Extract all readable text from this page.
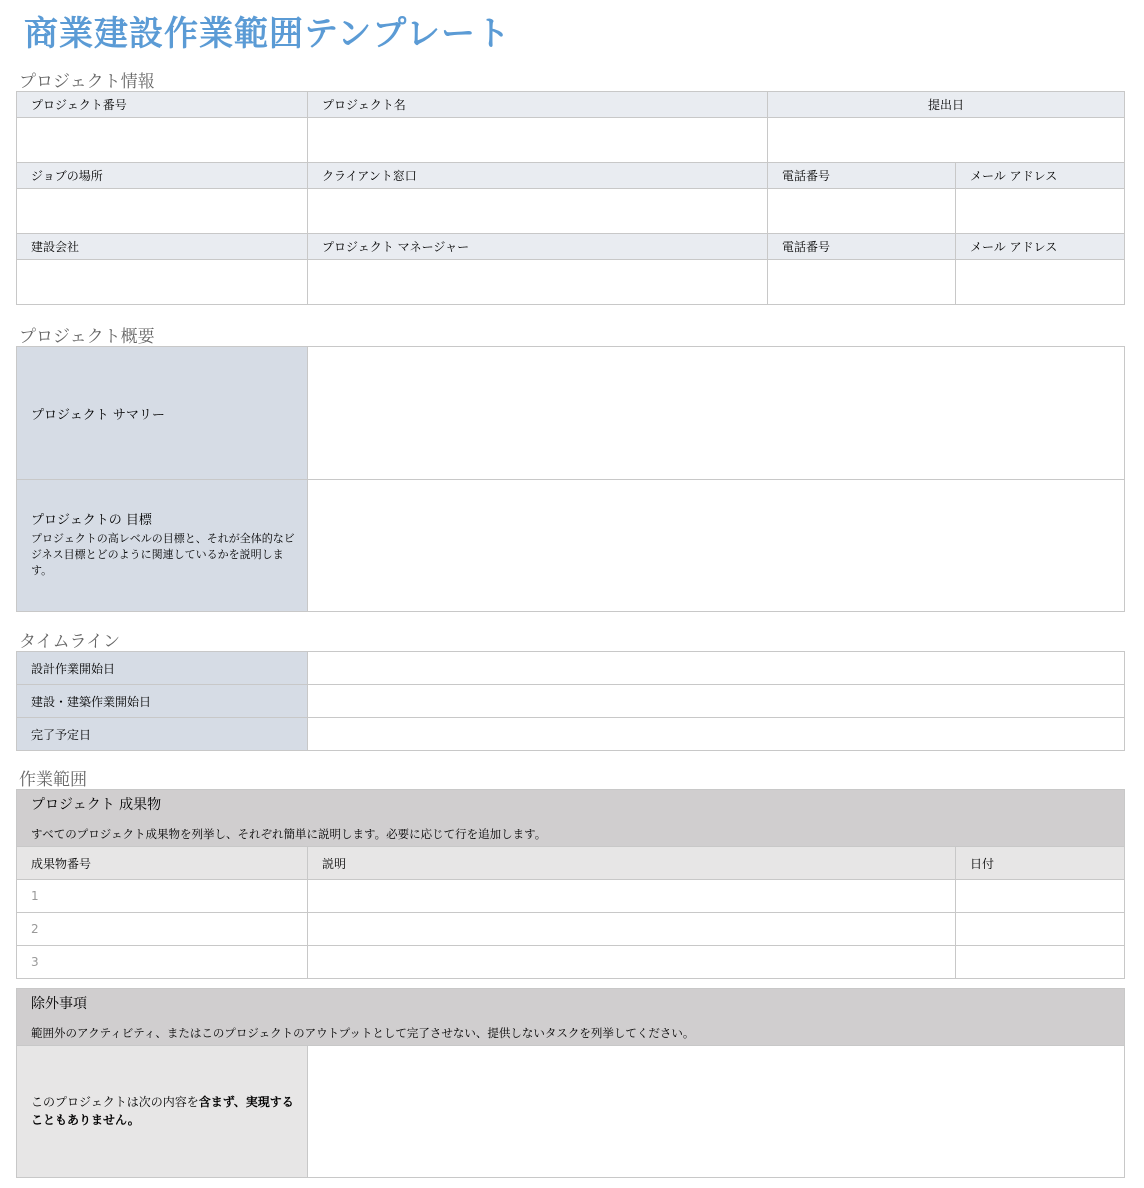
商業建設作業範囲テンプレート
プロジェクト情報
プロジェクト番号	プロジェクト名	提出日	

ジョブの場所	クライアント窓口	電話番号	メール アドレス

建設会社	プロジェクト マネージャー	電話番号	メール アドレス

プロジェクト概要
プロジェクト サマリー	

プロジェクトの 目標
プロジェクトの高レベルの目標と、それが全体的なビジネス目標とどのように関連しているかを説明します。	

タイムライン
設計作業開始日	
建設・建築作業開始日	
完了予定日	
作業範囲
プロジェクト 成果物
すべてのプロジェクト成果物を列挙し、それぞれ簡単に説明します。必要に応じて行を追加します。		

成果物番号	説明	日付
1		
2		
3		
除外事項
範囲外のアクティビティ、またはこのプロジェクトのアウトプットとして完了させない、提供しないタスクを列挙してください。

このプロジェクトは次の内容を含まず、実現することもありません。	
